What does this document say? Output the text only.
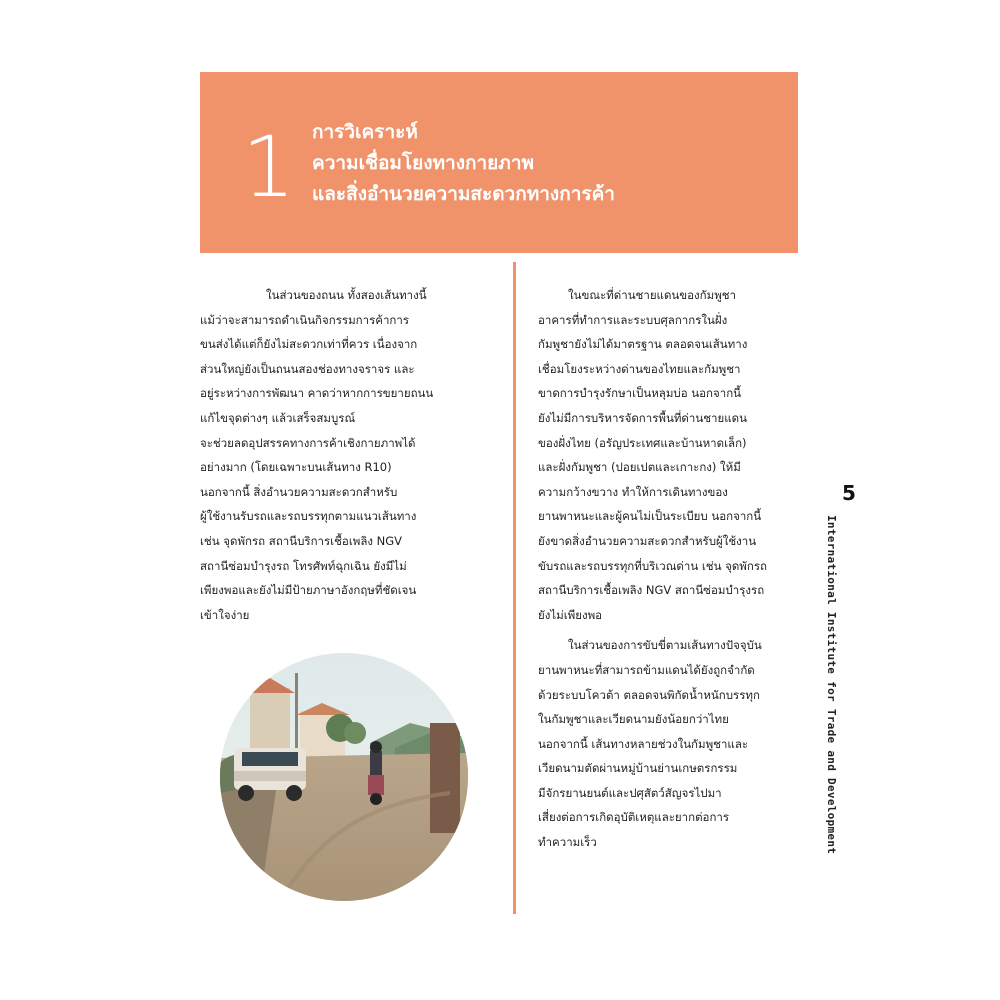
1 การวิเคราะห์
ความเชื่อมโยงทางกายภาพ
และสิ่งอำนวยความสะดวกทางการค้า
ในส่วนของถนน ทั้งสองเส้นทางนี้
แม้ว่าจะสามารถดำเนินกิจกรรมการค้าการ
ขนส่งได้แต่ก็ยังไม่สะดวกเท่าที่ควร เนื่องจาก
ส่วนใหญ่ยังเป็นถนนสองช่องทางจราจร และ
อยู่ระหว่างการพัฒนา คาดว่าหากการขยายถนน
แก้ไขจุดต่างๆ แล้วเสร็จสมบูรณ์
จะช่วยลดอุปสรรคทางการค้าเชิงกายภาพได้
อย่างมาก (โดยเฉพาะบนเส้นทาง R10)
นอกจากนี้ สิ่งอำนวยความสะดวกสำหรับ
ผู้ใช้งานรับรถและรถบรรทุกตามแนวเส้นทาง
เช่น จุดพักรถ สถานีบริการเชื้อเพลิง NGV
สถานีซ่อมบำรุงรถ โทรศัพท์ฉุกเฉิน ยังมีไม่
เพียงพอและยังไม่มีป้ายภาษาอังกฤษที่ชัดเจน
เข้าใจง่าย
ในขณะที่ด่านชายแดนของกัมพูชา
อาคารที่ทำการและระบบศุลกากรในฝั่ง
กัมพูชายังไม่ได้มาตรฐาน ตลอดจนเส้นทาง
เชื่อมโยงระหว่างด่านของไทยและกัมพูชา
ขาดการบำรุงรักษาเป็นหลุมบ่อ นอกจากนี้
ยังไม่มีการบริหารจัดการพื้นที่ด่านชายแดน
ของฝั่งไทย (อรัญประเทศและบ้านหาดเล็ก)
และฝั่งกัมพูชา (ปอยเปตและเกาะกง) ให้มี
ความกว้างขวาง ทำให้การเดินทางของ
ยานพาหนะและผู้คนไม่เป็นระเบียบ นอกจากนี้
ยังขาดสิ่งอำนวยความสะดวกสำหรับผู้ใช้งาน
ขับรถและรถบรรทุกที่บริเวณด่าน เช่น จุดพักรถ
สถานีบริการเชื้อเพลิง NGV สถานีซ่อมบำรุงรถ
ยังไม่เพียงพอ
ในส่วนของการขับขี่ตามเส้นทางปัจจุบัน
ยานพาหนะที่สามารถข้ามแดนได้ยังถูกจำกัด
ด้วยระบบโควต้า ตลอดจนพิกัดน้ำหนักบรรทุก
ในกัมพูชาและเวียดนามยังน้อยกว่าไทย
นอกจากนี้ เส้นทางหลายช่วงในกัมพูชาและ
เวียดนามตัดผ่านหมู่บ้านย่านเกษตรกรรม
มีจักรยานยนต์และปศุสัตว์สัญจรไปมา
เสี่ยงต่อการเกิดอุบัติเหตุและยากต่อการ
ทำความเร็ว
5
International Institute for Trade and Development
